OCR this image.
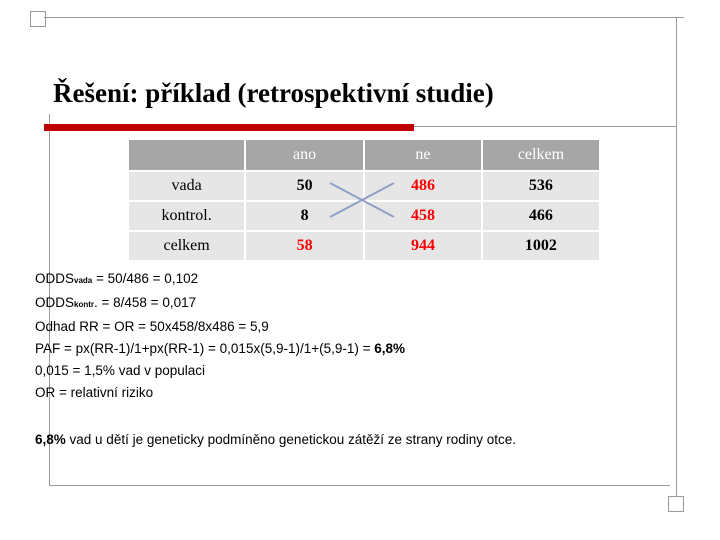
Řešení: příklad (retrospektivní studie)
	ano	ne	celkem
vada	50	486	536
kontrol.	8	458	466
celkem	58	944	1002
ODDSvada = 50/486 = 0,102
ODDSkontr. = 8/458 = 0,017
Odhad RR = OR = 50x458/8x486 = 5,9
PAF = px(RR-1)/1+px(RR-1) = 0,015x(5,9-1)/1+(5,9-1) = 6,8%
0,015 = 1,5% vad v populaci
OR = relativní riziko
6,8% vad u dětí je geneticky podmíněno genetickou zátěží ze strany rodiny otce.
